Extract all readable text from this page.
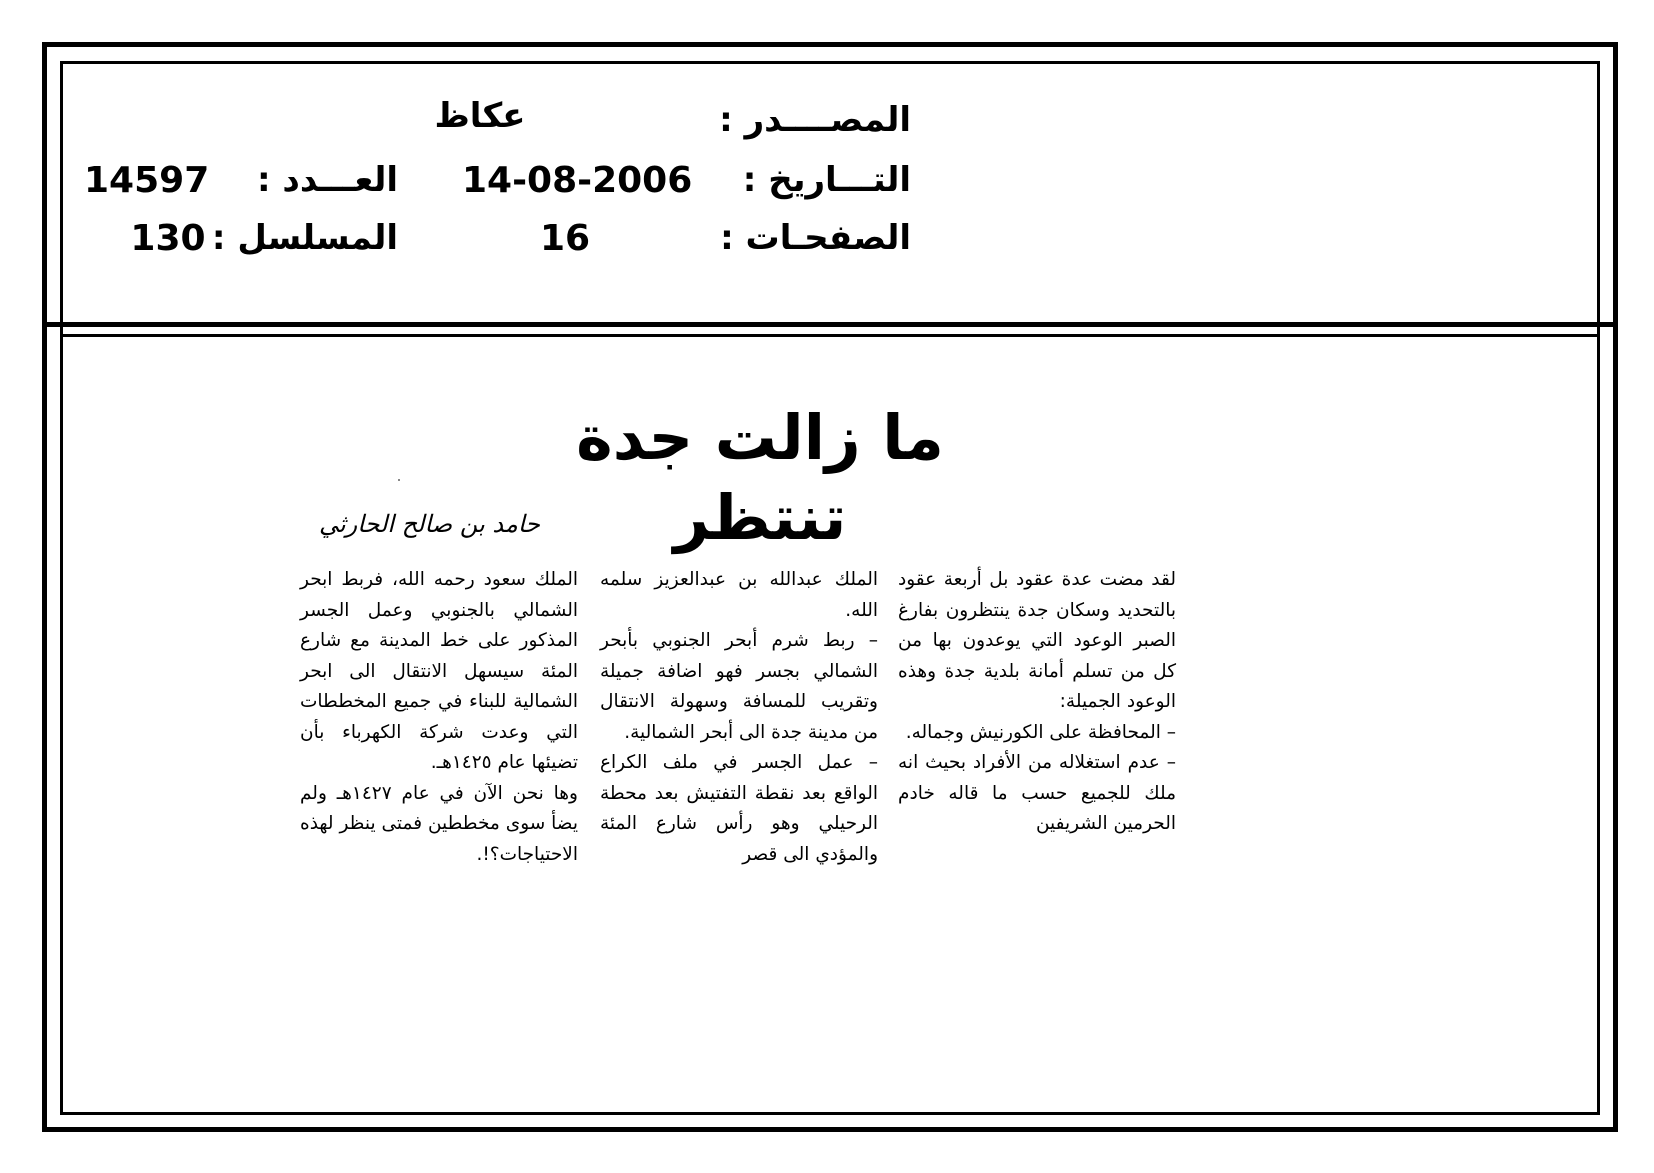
المصــــدر :
عكاظ
التـــاريخ :
14-08-2006
العـــدد :
14597
الصفحـات :
16
المسلسل :
130
ما زالت جدة تنتظر
حامد بن صالح الحارثي

لقد مضت عدة عقود بل أربعة عقود بالتحديد وسكان جدة ينتظرون بفارغ الصبر الوعود التي يوعدون بها من كل من تسلم أمانة بلدية جدة وهذه الوعود الجميلة:

– المحافظة على الكورنيش وجماله.

– عدم استغلاله من الأفراد بحيث انه ملك للجميع حسب ما قاله خادم الحرمين الشريفين

الملك عبدالله بن عبدالعزيز سلمه الله.

– ربط شرم أبحر الجنوبي بأبحر الشمالي بجسر فهو اضافة جميلة وتقريب للمسافة وسهولة الانتقال من مدينة جدة الى أبحر الشمالية.

– عمل الجسر في ملف الكراع الواقع بعد نقطة التفتيش بعد محطة الرحيلي وهو رأس شارع المئة والمؤدي الى قصر

الملك سعود رحمه الله، فربط ابحر الشمالي بالجنوبي وعمل الجسر المذكور على خط المدينة مع شارع المئة سيسهل الانتقال الى ابحر الشمالية للبناء في جميع المخططات التي وعدت شركة الكهرباء بأن تضيئها عام ١٤٢٥هـ.

وها نحن الآن في عام ١٤٢٧هـ ولم يضأ سوى مخططين فمتى ينظر لهذه الاحتياجات؟!.
